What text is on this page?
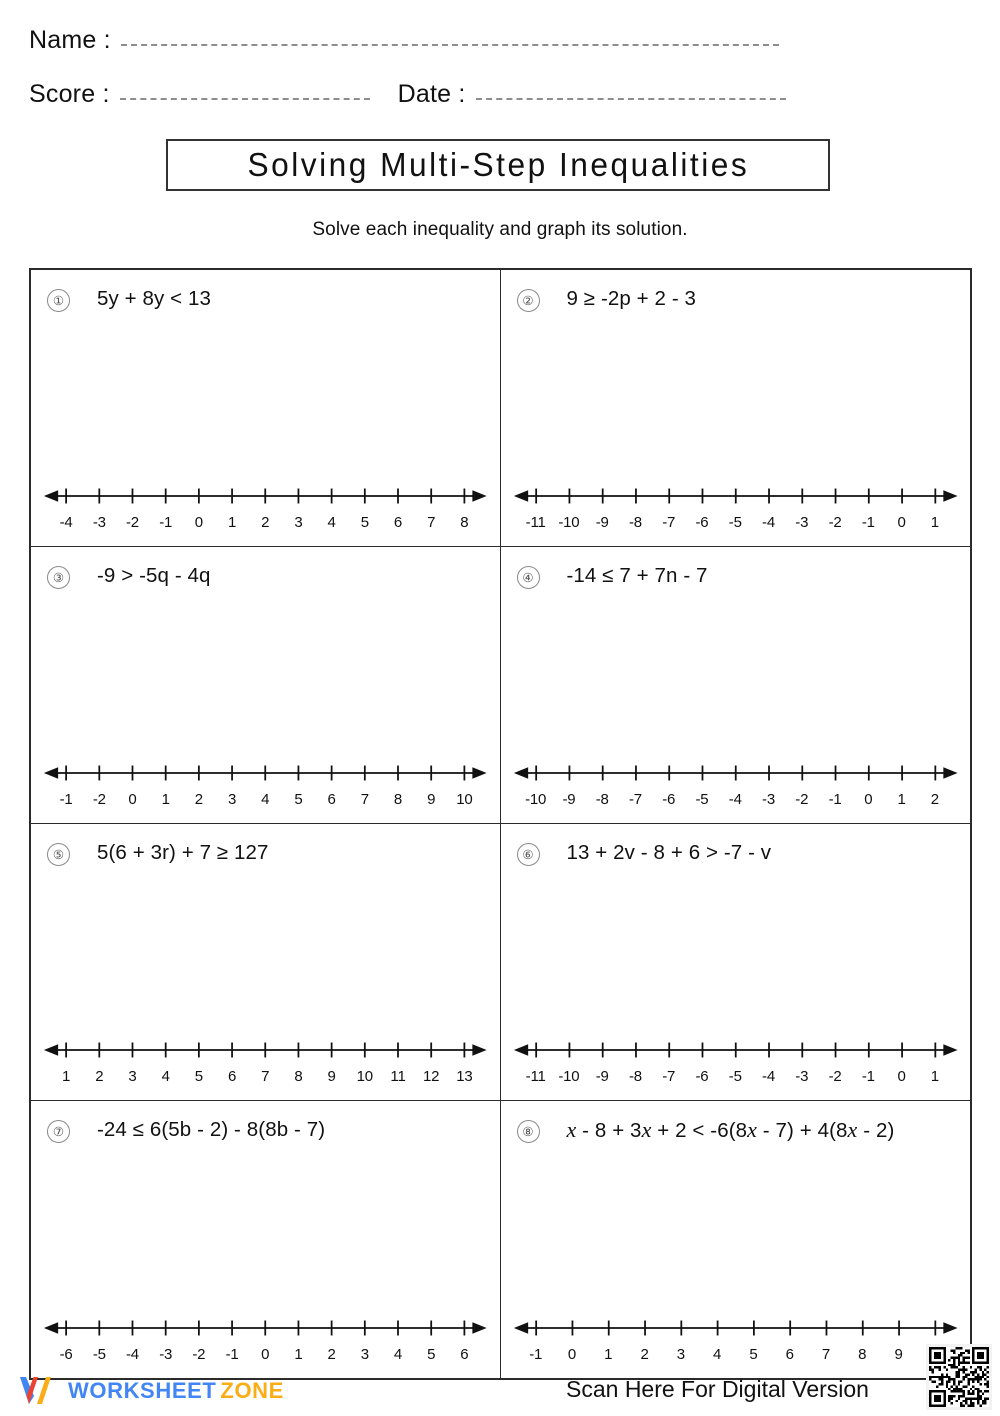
Name :
Score :	Date :
Solving Multi-Step Inequalities
Solve each inequality and graph its solution.
① 5y + 8y < 13
-4 -3 -2 -1 0 1 2 3 4 5 6 7 8
② 9 ≥ -2p + 2 - 3
-11 -10 -9 -8 -7 -6 -5 -4 -3 -2 -1 0 1
③ -9 > -5q - 4q
-1 -2 0 1 2 3 4 5 6 7 8 9 10
④ -14 ≤ 7 + 7n - 7
-10 -9 -8 -7 -6 -5 -4 -3 -2 -1 0 1 2
⑤ 5(6 + 3r) + 7 ≥ 127
1 2 3 4 5 6 7 8 9 10 11 12 13
⑥ 13 + 2v - 8 + 6 > -7 - v
-11 -10 -9 -8 -7 -6 -5 -4 -3 -2 -1 0 1
⑦ -24 ≤ 6(5b - 2) - 8(8b - 7)
-6 -5 -4 -3 -2 -1 0 1 2 3 4 5 6
⑧ x - 8 + 3x + 2 < -6(8x - 7) + 4(8x - 2)
-1 0 1 2 3 4 5 6 7 8 9
WORKSHEET ZONE	Scan Here For Digital Version
